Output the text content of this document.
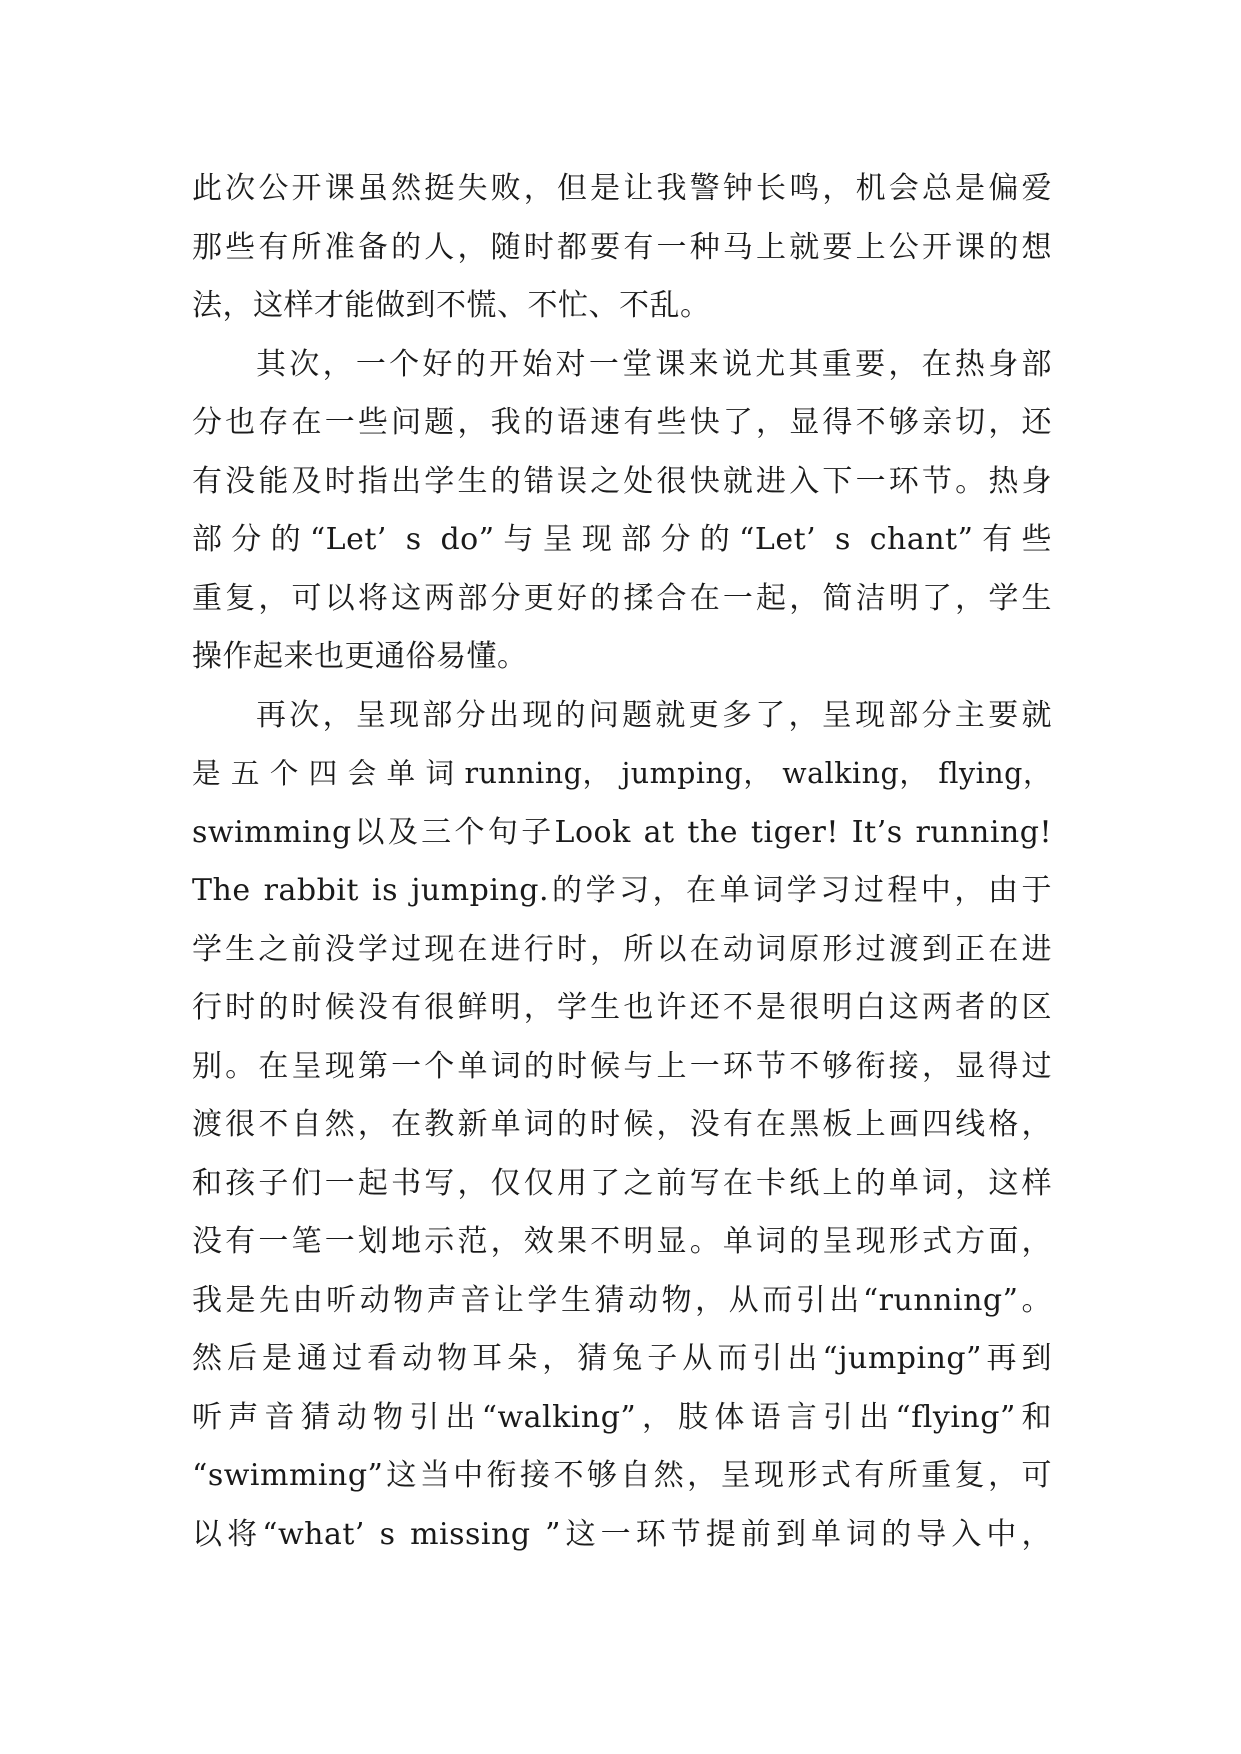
此次公开课虽然挺失败，但是让我警钟长鸣，机会总是偏爱
那些有所准备的人，随时都要有一种马上就要上公开课的想
法，这样才能做到不慌、不忙、不乱。
其次，一个好的开始对一堂课来说尤其重要，在热身部
分也存在一些问题，我的语速有些快了，显得不够亲切，还
有没能及时指出学生的错误之处很快就进入下一环节。热身
部分的“Let’ s do”与呈现部分的“Let’ s chant”有些
重复，可以将这两部分更好的揉合在一起，简洁明了，学生
操作起来也更通俗易懂。
再次，呈现部分出现的问题就更多了，呈现部分主要就
是 五 个 四 会 单 词 running， jumping， walking， flying，
swimming以及三个句子Look at the tiger! It’s running!
The rabbit is jumping.的学习，在单词学习过程中，由于
学生之前没学过现在进行时，所以在动词原形过渡到正在进
行时的时候没有很鲜明，学生也许还不是很明白这两者的区
别。在呈现第一个单词的时候与上一环节不够衔接，显得过
渡很不自然，在教新单词的时候，没有在黑板上画四线格，
和孩子们一起书写，仅仅用了之前写在卡纸上的单词，这样
没有一笔一划地示范，效果不明显。单词的呈现形式方面，
我是先由听动物声音让学生猜动物，从而引出“running”。
然后是通过看动物耳朵，猜兔子从而引出“jumping”再到
听声音猜动物引出“walking”，肢体语言引出“flying”和
“swimming”这当中衔接不够自然，呈现形式有所重复，可
以将“what’ s missing ”这一环节提前到单词的导入中，
